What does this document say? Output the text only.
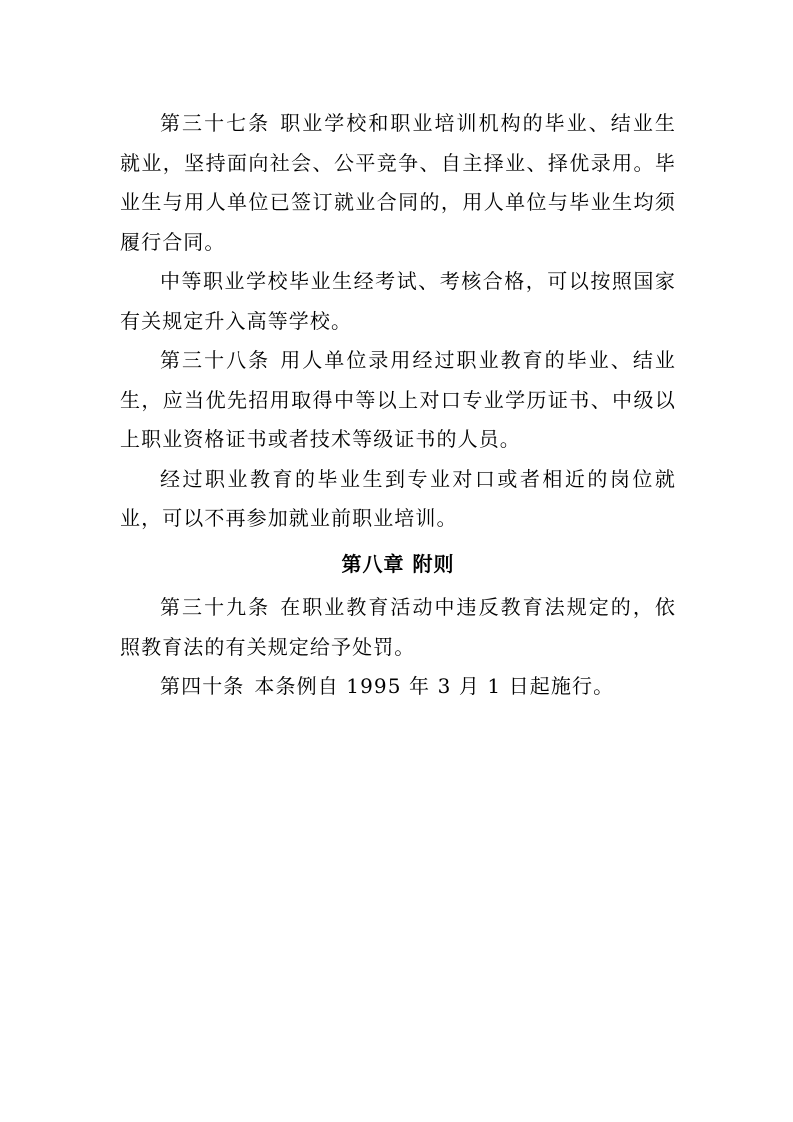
第三十七条 职业学校和职业培训机构的毕业、结业生就业，坚持面向社会、公平竞争、自主择业、择优录用。毕业生与用人单位已签订就业合同的，用人单位与毕业生均须履行合同。

中等职业学校毕业生经考试、考核合格，可以按照国家有关规定升入高等学校。

第三十八条 用人单位录用经过职业教育的毕业、结业生，应当优先招用取得中等以上对口专业学历证书、中级以上职业资格证书或者技术等级证书的人员。

经过职业教育的毕业生到专业对口或者相近的岗位就业，可以不再参加就业前职业培训。

第八章 附则

第三十九条 在职业教育活动中违反教育法规定的，依照教育法的有关规定给予处罚。

第四十条 本条例自 1995 年 3 月 1 日起施行。
